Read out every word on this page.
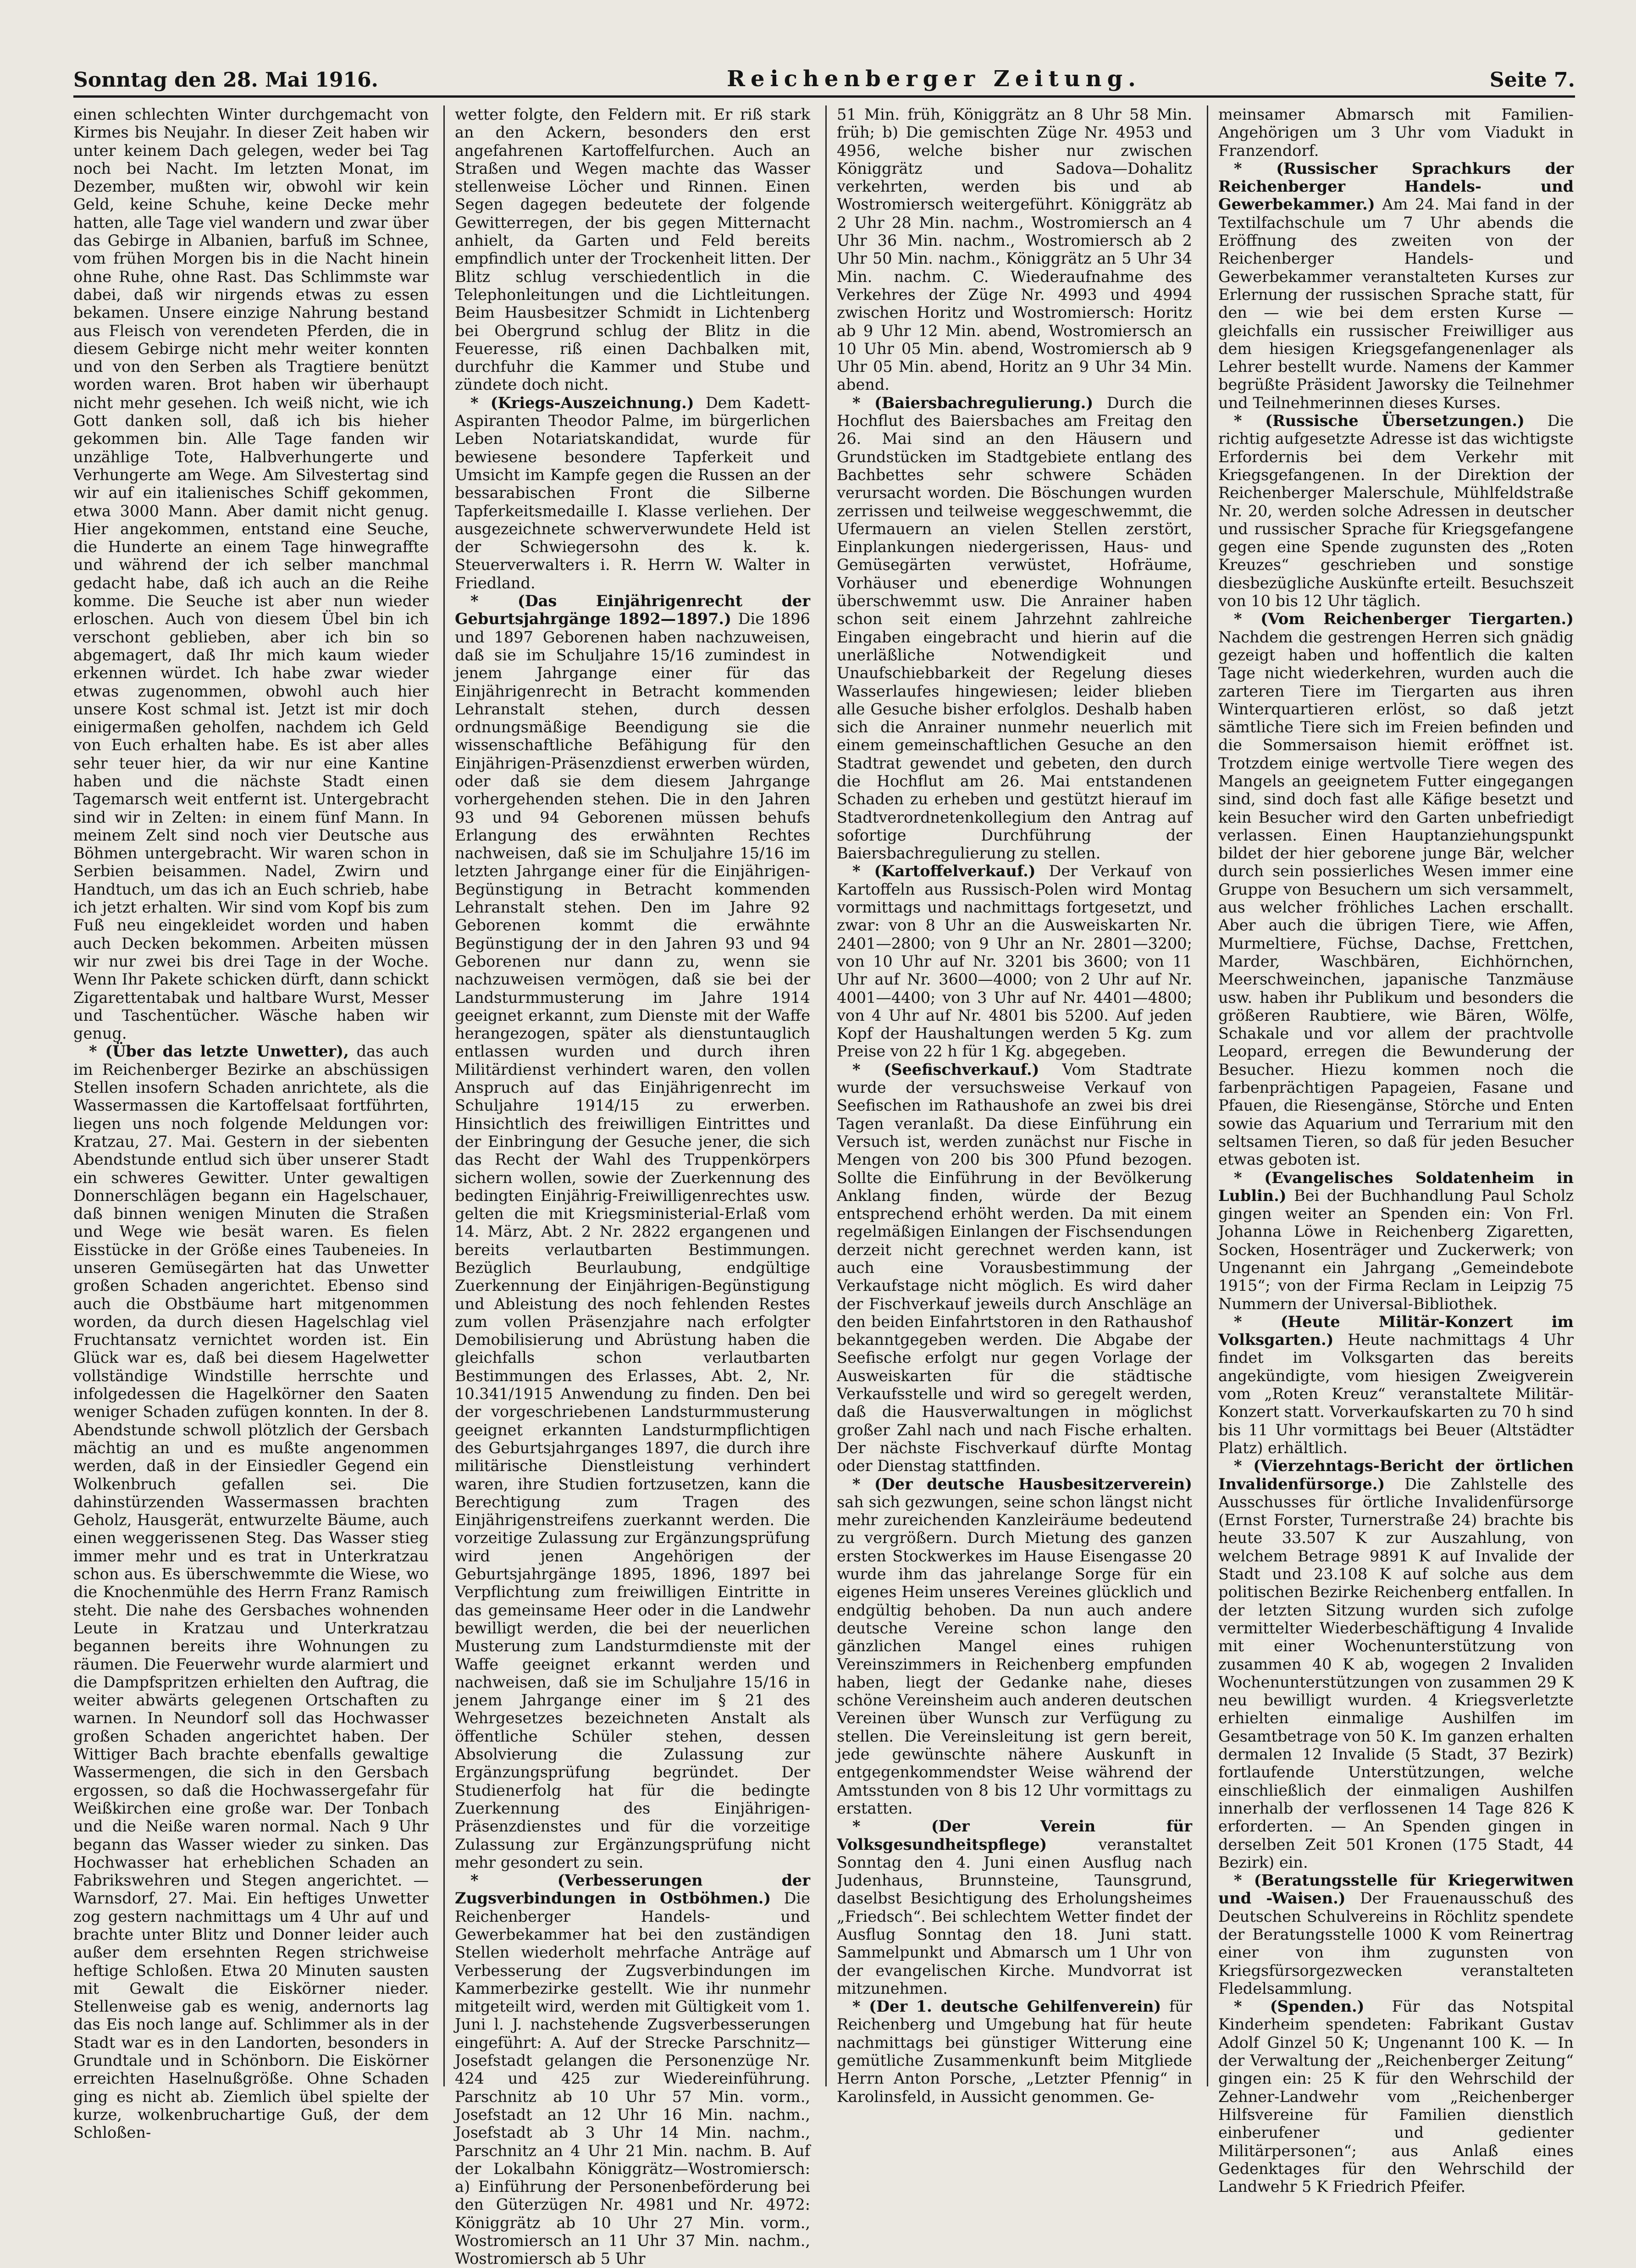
Sonntag den 28. Mai 1916.	Reichenberger Zeitung.	Seite 7.

einen schlechten Winter durchgemacht von Kirmes bis Neujahr. In dieser Zeit haben wir unter keinem Dach gelegen, weder bei Tag noch bei Nacht. Im letzten Monat, im Dezember, mußten wir, obwohl wir kein Geld, keine Schuhe, keine Decke mehr hatten, alle Tage viel wandern und zwar über das Gebirge in Albanien, barfuß im Schnee, vom frühen Morgen bis in die Nacht hinein ohne Ruhe, ohne Rast. Das Schlimmste war dabei, daß wir nirgends etwas zu essen bekamen. Unsere einzige Nahrung bestand aus Fleisch von verendeten Pferden, die in diesem Gebirge nicht mehr weiter konnten und von den Serben als Tragtiere benützt worden waren. Brot haben wir überhaupt nicht mehr gesehen. Ich weiß nicht, wie ich Gott danken soll, daß ich bis hieher gekommen bin. Alle Tage fanden wir unzählige Tote, Halbverhungerte und Verhungerte am Wege. Am Silvestertag sind wir auf ein italienisches Schiff gekommen, etwa 3000 Mann. Aber damit nicht genug. Hier angekommen, entstand eine Seuche, die Hunderte an einem Tage hinwegraffte und während der ich selber manchmal gedacht habe, daß ich auch an die Reihe komme. Die Seuche ist aber nun wieder erloschen. Auch von diesem Übel bin ich verschont geblieben, aber ich bin so abgemagert, daß Ihr mich kaum wieder erkennen würdet. Ich habe zwar wieder etwas zugenommen, obwohl auch hier unsere Kost schmal ist. Jetzt ist mir doch einigermaßen geholfen, nachdem ich Geld von Euch erhalten habe. Es ist aber alles sehr teuer hier, da wir nur eine Kantine haben und die nächste Stadt einen Tagemarsch weit entfernt ist. Untergebracht sind wir in Zelten: in einem fünf Mann. In meinem Zelt sind noch vier Deutsche aus Böhmen untergebracht. Wir waren schon in Serbien beisammen. Nadel, Zwirn und Handtuch, um das ich an Euch schrieb, habe ich jetzt erhalten. Wir sind vom Kopf bis zum Fuß neu eingekleidet worden und haben auch Decken bekommen. Arbeiten müssen wir nur zwei bis drei Tage in der Woche. Wenn Ihr Pakete schicken dürft, dann schickt Zigarettentabak und haltbare Wurst, Messer und Taschentücher. Wäsche haben wir genug.

* (Über das letzte Unwetter), das auch im Reichenberger Bezirke an abschüssigen Stellen insofern Schaden anrichtete, als die Wassermassen die Kartoffelsaat fortführten, liegen uns noch folgende Meldungen vor: Kratzau, 27. Mai. Gestern in der siebenten Abendstunde entlud sich über unserer Stadt ein schweres Gewitter. Unter gewaltigen Donnerschlägen begann ein Hagelschauer, daß binnen wenigen Minuten die Straßen und Wege wie besät waren. Es fielen Eisstücke in der Größe eines Taubeneies. In unseren Gemüsegärten hat das Unwetter großen Schaden angerichtet. Ebenso sind auch die Obstbäume hart mitgenommen worden, da durch diesen Hagelschlag viel Fruchtansatz vernichtet worden ist. Ein Glück war es, daß bei diesem Hagelwetter vollständige Windstille herrschte und infolgedessen die Hagelkörner den Saaten weniger Schaden zufügen konnten. In der 8. Abendstunde schwoll plötzlich der Gersbach mächtig an und es mußte angenommen werden, daß in der Einsiedler Gegend ein Wolkenbruch gefallen sei. Die dahinstürzenden Wassermassen brachten Geholz, Hausgerät, entwurzelte Bäume, auch einen weggerissenen Steg. Das Wasser stieg immer mehr und es trat in Unterkratzau schon aus. Es überschwemmte die Wiese, wo die Knochenmühle des Herrn Franz Ramisch steht. Die nahe des Gersbaches wohnenden Leute in Kratzau und Unterkratzau begannen bereits ihre Wohnungen zu räumen. Die Feuerwehr wurde alarmiert und die Dampfspritzen erhielten den Auftrag, die weiter abwärts gelegenen Ortschaften zu warnen. In Neundorf soll das Hochwasser großen Schaden angerichtet haben. Der Wittiger Bach brachte ebenfalls gewaltige Wassermengen, die sich in den Gersbach ergossen, so daß die Hochwassergefahr für Weißkirchen eine große war. Der Tonbach und die Neiße waren normal. Nach 9 Uhr begann das Wasser wieder zu sinken. Das Hochwasser hat erheblichen Schaden an Fabrikswehren und Stegen angerichtet. — Warnsdorf, 27. Mai. Ein heftiges Unwetter zog gestern nachmittags um 4 Uhr auf und brachte unter Blitz und Donner leider auch außer dem ersehnten Regen strichweise heftige Schloßen. Etwa 20 Minuten sausten mit Gewalt die Eiskörner nieder. Stellenweise gab es wenig, andernorts lag das Eis noch lange auf. Schlimmer als in der Stadt war es in den Landorten, besonders in Grundtale und in Schönborn. Die Eiskörner erreichten Haselnußgröße. Ohne Schaden ging es nicht ab. Ziemlich übel spielte der kurze, wolkenbruchartige Guß, der dem Schloßen-

wetter folgte, den Feldern mit. Er riß stark an den Ackern, besonders den erst angefahrenen Kartoffelfurchen. Auch an Straßen und Wegen machte das Wasser stellenweise Löcher und Rinnen. Einen Segen dagegen bedeutete der folgende Gewitterregen, der bis gegen Mitternacht anhielt, da Garten und Feld bereits empfindlich unter der Trockenheit litten. Der Blitz schlug verschiedentlich in die Telephonleitungen und die Lichtleitungen. Beim Hausbesitzer Schmidt in Lichtenberg bei Obergrund schlug der Blitz in die Feueresse, riß einen Dachbalken mit, durchfuhr die Kammer und Stube und zündete doch nicht.

* (Kriegs-Auszeichnung.) Dem Kadett-Aspiranten Theodor Palme, im bürgerlichen Leben Notariatskandidat, wurde für bewiesene besondere Tapferkeit und Umsicht im Kampfe gegen die Russen an der bessarabischen Front die Silberne Tapferkeitsmedaille I. Klasse verliehen. Der ausgezeichnete schwerverwundete Held ist der Schwiegersohn des k. k. Steuerverwalters i. R. Herrn W. Walter in Friedland.

* (Das Einjährigenrecht der Geburtsjahrgänge 1892—1897.) Die 1896 und 1897 Geborenen haben nachzuweisen, daß sie im Schuljahre 15/16 zumindest in jenem Jahrgange einer für das Einjährigenrecht in Betracht kommenden Lehranstalt stehen, durch dessen ordnungsmäßige Beendigung sie die wissenschaftliche Befähigung für den Einjährigen-Präsenzdienst erwerben würden, oder daß sie dem diesem Jahrgange vorhergehenden stehen. Die in den Jahren 93 und 94 Geborenen müssen behufs Erlangung des erwähnten Rechtes nachweisen, daß sie im Schuljahre 15/16 im letzten Jahrgange einer für die Einjährigen-Begünstigung in Betracht kommenden Lehranstalt stehen. Den im Jahre 92 Geborenen kommt die erwähnte Begünstigung der in den Jahren 93 und 94 Geborenen nur dann zu, wenn sie nachzuweisen vermögen, daß sie bei der Landsturmmusterung im Jahre 1914 geeignet erkannt, zum Dienste mit der Waffe herangezogen, später als dienstuntauglich entlassen wurden und durch ihren Militärdienst verhindert waren, den vollen Anspruch auf das Einjährigenrecht im Schuljahre 1914/15 zu erwerben. Hinsichtlich des freiwilligen Eintrittes und der Einbringung der Gesuche jener, die sich das Recht der Wahl des Truppenkörpers sichern wollen, sowie der Zuerkennung des bedingten Einjährig-Freiwilligenrechtes usw. gelten die mit Kriegsministerial-Erlaß vom 14. März, Abt. 2 Nr. 2822 ergangenen und bereits verlautbarten Bestimmungen. Bezüglich Beurlaubung, endgültige Zuerkennung der Einjährigen-Begünstigung und Ableistung des noch fehlenden Restes zum vollen Präsenzjahre nach erfolgter Demobilisierung und Abrüstung haben die gleichfalls schon verlautbarten Bestimmungen des Erlasses, Abt. 2, Nr. 10.341/1915 Anwendung zu finden. Den bei der vorgeschriebenen Landsturmmusterung geeignet erkannten Landsturmpflichtigen des Geburtsjahrganges 1897, die durch ihre militärische Dienstleistung verhindert waren, ihre Studien fortzusetzen, kann die Berechtigung zum Tragen des Einjährigenstreifens zuerkannt werden. Die vorzeitige Zulassung zur Ergänzungsprüfung wird jenen Angehörigen der Geburtsjahrgänge 1895, 1896, 1897 bei Verpflichtung zum freiwilligen Eintritte in das gemeinsame Heer oder in die Landwehr bewilligt werden, die bei der neuerlichen Musterung zum Landsturmdienste mit der Waffe geeignet erkannt werden und nachweisen, daß sie im Schuljahre 15/16 in jenem Jahrgange einer im § 21 des Wehrgesetzes bezeichneten Anstalt als öffentliche Schüler stehen, dessen Absolvierung die Zulassung zur Ergänzungsprüfung begründet. Der Studienerfolg hat für die bedingte Zuerkennung des Einjährigen-Präsenzdienstes und für die vorzeitige Zulassung zur Ergänzungsprüfung nicht mehr gesondert zu sein.

* (Verbesserungen der Zugsverbindungen in Ostböhmen.) Die Reichenberger Handels- und Gewerbekammer hat bei den zuständigen Stellen wiederholt mehrfache Anträge auf Verbesserung der Zugsverbindungen im Kammerbezirke gestellt. Wie ihr nunmehr mitgeteilt wird, werden mit Gültigkeit vom 1. Juni l. J. nachstehende Zugsverbesserungen eingeführt: A. Auf der Strecke Parschnitz—Josefstadt gelangen die Personenzüge Nr. 424 und 425 zur Wiedereinführung. Parschnitz ab 10 Uhr 57 Min. vorm., Josefstadt an 12 Uhr 16 Min. nachm., Josefstadt ab 3 Uhr 14 Min. nachm., Parschnitz an 4 Uhr 21 Min. nachm. B. Auf der Lokalbahn Königgrätz—Wostromiersch: a) Einführung der Personenbeförderung bei den Güterzügen Nr. 4981 und Nr. 4972: Königgrätz ab 10 Uhr 27 Min. vorm., Wostromiersch an 11 Uhr 37 Min. nachm., Wostromiersch ab 5 Uhr

51 Min. früh, Königgrätz an 8 Uhr 58 Min. früh; b) Die gemischten Züge Nr. 4953 und 4956, welche bisher nur zwischen Königgrätz und Sadova—Dohalitz verkehrten, werden bis und ab Wostromiersch weitergeführt. Königgrätz ab 2 Uhr 28 Min. nachm., Wostromiersch an 4 Uhr 36 Min. nachm., Wostromiersch ab 2 Uhr 50 Min. nachm., Königgrätz an 5 Uhr 34 Min. nachm. C. Wiederaufnahme des Verkehres der Züge Nr. 4993 und 4994 zwischen Horitz und Wostromiersch: Horitz ab 9 Uhr 12 Min. abend, Wostromiersch an 10 Uhr 05 Min. abend, Wostromiersch ab 9 Uhr 05 Min. abend, Horitz an 9 Uhr 34 Min. abend.

* (Baiersbachregulierung.) Durch die Hochflut des Baiersbaches am Freitag den 26. Mai sind an den Häusern und Grundstücken im Stadtgebiete entlang des Bachbettes sehr schwere Schäden verursacht worden. Die Böschungen wurden zerrissen und teilweise weggeschwemmt, die Ufermauern an vielen Stellen zerstört, Einplankungen niedergerissen, Haus- und Gemüsegärten verwüstet, Hofräume, Vorhäuser und ebenerdige Wohnungen überschwemmt usw. Die Anrainer haben schon seit einem Jahrzehnt zahlreiche Eingaben eingebracht und hierin auf die unerläßliche Notwendigkeit und Unaufschiebbarkeit der Regelung dieses Wasserlaufes hingewiesen; leider blieben alle Gesuche bisher erfolglos. Deshalb haben sich die Anrainer nunmehr neuerlich mit einem gemeinschaftlichen Gesuche an den Stadtrat gewendet und gebeten, den durch die Hochflut am 26. Mai entstandenen Schaden zu erheben und gestützt hierauf im Stadtverordnetenkollegium den Antrag auf sofortige Durchführung der Baiersbachregulierung zu stellen.

* (Kartoffelverkauf.) Der Verkauf von Kartoffeln aus Russisch-Polen wird Montag vormittags und nachmittags fortgesetzt, und zwar: von 8 Uhr an die Ausweiskarten Nr. 2401—2800; von 9 Uhr an Nr. 2801—3200; von 10 Uhr auf Nr. 3201 bis 3600; von 11 Uhr auf Nr. 3600—4000; von 2 Uhr auf Nr. 4001—4400; von 3 Uhr auf Nr. 4401—4800; von 4 Uhr auf Nr. 4801 bis 5200. Auf jeden Kopf der Haushaltungen werden 5 Kg. zum Preise von 22 h für 1 Kg. abgegeben.

* (Seefischverkauf.) Vom Stadtrate wurde der versuchsweise Verkauf von Seefischen im Rathaushofe an zwei bis drei Tagen veranlaßt. Da diese Einführung ein Versuch ist, werden zunächst nur Fische in Mengen von 200 bis 300 Pfund bezogen. Sollte die Einführung in der Bevölkerung Anklang finden, würde der Bezug entsprechend erhöht werden. Da mit einem regelmäßigen Einlangen der Fischsendungen derzeit nicht gerechnet werden kann, ist auch eine Vorausbestimmung der Verkaufstage nicht möglich. Es wird daher der Fischverkauf jeweils durch Anschläge an den beiden Einfahrtstoren in den Rathaushof bekanntgegeben werden. Die Abgabe der Seefische erfolgt nur gegen Vorlage der Ausweiskarten für die städtische Verkaufsstelle und wird so geregelt werden, daß die Hausverwaltungen in möglichst großer Zahl nach und nach Fische erhalten. Der nächste Fischverkauf dürfte Montag oder Dienstag stattfinden.

* (Der deutsche Hausbesitzerverein) sah sich gezwungen, seine schon längst nicht mehr zureichenden Kanzleiräume bedeutend zu vergrößern. Durch Mietung des ganzen ersten Stockwerkes im Hause Eisengasse 20 wurde ihm das jahrelange Sorge für ein eigenes Heim unseres Vereines glücklich und endgültig behoben. Da nun auch andere deutsche Vereine schon lange den gänzlichen Mangel eines ruhigen Vereinszimmers in Reichenberg empfunden haben, liegt der Gedanke nahe, dieses schöne Vereinsheim auch anderen deutschen Vereinen über Wunsch zur Verfügung zu stellen. Die Vereinsleitung ist gern bereit, jede gewünschte nähere Auskunft in entgegenkommendster Weise während der Amtsstunden von 8 bis 12 Uhr vormittags zu erstatten.

* (Der Verein für Volksgesundheitspflege)	veranstaltet Sonntag den 4. Juni einen Ausflug nach Judenhaus, Brunnsteine, Taunsgrund, daselbst Besichtigung des Erholungsheimes „Friedsch“. Bei schlechtem Wetter findet der Ausflug Sonntag den 18. Juni statt. Sammelpunkt und Abmarsch um 1 Uhr von der evangelischen Kirche. Mundvorrat ist mitzunehmen.

* (Der 1. deutsche Gehilfenverein) für Reichenberg und Umgebung hat für heute nachmittags bei günstiger Witterung eine gemütliche Zusammenkunft beim Mitgliede Herrn Anton Porsche, „Letzter Pfennig“ in Karolinsfeld, in Aussicht genommen. Ge-

meinsamer Abmarsch mit Familien-Angehörigen um 3 Uhr vom Viadukt in Franzendorf.

* (Russischer Sprachkurs der Reichenberger Handels- und Gewerbekammer.) Am 24. Mai fand in der Textilfachschule um 7 Uhr abends die Eröffnung des zweiten von der Reichenberger Handels- und Gewerbekammer veranstalteten Kurses zur Erlernung der russischen Sprache statt, für den — wie bei dem ersten Kurse — gleichfalls ein russischer Freiwilliger aus dem hiesigen Kriegsgefangenenlager als Lehrer bestellt wurde. Namens der Kammer begrüßte Präsident Jaworsky die Teilnehmer und Teilnehmerinnen dieses Kurses.

* (Russische Übersetzungen.) Die richtig aufgesetzte Adresse ist das wichtigste Erfordernis bei dem Verkehr mit Kriegsgefangenen. In der Direktion der Reichenberger Malerschule, Mühlfeldstraße Nr. 20, werden solche Adressen in deutscher und russischer Sprache für Kriegsgefangene gegen eine Spende zugunsten des „Roten Kreuzes“ geschrieben und sonstige diesbezügliche Auskünfte erteilt. Besuchszeit von 10 bis 12 Uhr täglich.

* (Vom Reichenberger Tiergarten.) Nachdem die gestrengen Herren sich gnädig gezeigt haben und hoffentlich die kalten Tage nicht wiederkehren, wurden auch die zarteren Tiere im Tiergarten aus ihren Winterquartieren erlöst, so daß jetzt sämtliche Tiere sich im Freien befinden und die Sommersaison hiemit eröffnet ist. Trotzdem einige wertvolle Tiere wegen des Mangels an geeignetem Futter eingegangen sind, sind doch fast alle Käfige besetzt und kein Besucher wird den Garten unbefriedigt verlassen. Einen Hauptanziehungspunkt bildet der hier geborene junge Bär, welcher durch sein possierliches Wesen immer eine Gruppe von Besuchern um sich versammelt, aus welcher fröhliches Lachen erschallt. Aber auch die übrigen Tiere, wie Affen, Murmeltiere, Füchse, Dachse, Frettchen, Marder, Waschbären, Eichhörnchen, Meerschweinchen, japanische Tanzmäuse usw. haben ihr Publikum und besonders die größeren Raubtiere, wie Bären, Wölfe, Schakale und vor allem der prachtvolle Leopard, erregen die Bewunderung der Besucher. Hiezu kommen noch die farbenprächtigen Papageien, Fasane und Pfauen, die Riesengänse, Störche und Enten sowie das Aquarium und Terrarium mit den seltsamen Tieren, so daß für jeden Besucher etwas geboten ist.

* (Evangelisches Soldatenheim in Lublin.) Bei der Buchhandlung Paul Scholz gingen weiter an Spenden ein: Von Frl. Johanna Löwe in Reichenberg Zigaretten, Socken, Hosenträger und Zuckerwerk; von Ungenannt ein Jahrgang „Gemeindebote 1915“; von der Firma Reclam in Leipzig 75 Nummern der Universal-Bibliothek.

* (Heute Militär-Konzert im Volksgarten.) Heute nachmittags 4 Uhr findet im Volksgarten das bereits angekündigte, vom hiesigen Zweigverein vom „Roten Kreuz“ veranstaltete Militär-Konzert statt. Vorverkaufskarten zu 70 h sind bis 11 Uhr vormittags bei Beuer (Altstädter Platz) erhältlich.

* (Vierzehntags-Bericht der örtlichen Invalidenfürsorge.) Die Zahlstelle des Ausschusses für örtliche Invalidenfürsorge (Ernst Forster, Turnerstraße 24) brachte bis heute 33.507 K zur Auszahlung, von welchem Betrage 9891 K auf Invalide der Stadt und 23.108 K auf solche aus dem politischen Bezirke Reichenberg entfallen. In der letzten Sitzung wurden sich zufolge vermittelter Wiederbeschäftigung 4 Invalide mit einer Wochenunterstützung von zusammen 40 K ab, wogegen 2 Invaliden Wochenunterstützungen von zusammen 29 K neu bewilligt wurden. 4 Kriegsverletzte erhielten einmalige Aushilfen im Gesamtbetrage von 50 K. Im ganzen erhalten dermalen 12 Invalide (5 Stadt, 37 Bezirk) fortlaufende Unterstützungen, welche einschließlich der einmaligen Aushilfen innerhalb der verflossenen 14 Tage 826 K erforderten. — An Spenden gingen in derselben Zeit 501 Kronen (175 Stadt, 44 Bezirk) ein.

* (Beratungsstelle für Kriegerwitwen und -Waisen.) Der Frauenausschuß des Deutschen Schulvereins in Röchlitz spendete der Beratungsstelle 1000 K vom Reinertrag einer von ihm zugunsten von Kriegsfürsorgezwecken veranstalteten Fledelsammlung.

* (Spenden.) Für das Notspital Kinderheim spendeten: Fabrikant Gustav Adolf Ginzel 50 K; Ungenannt 100 K. — In der Verwaltung der „Reichenberger Zeitung“ gingen ein: 25 K für den Wehrschild der Zehner-Landwehr vom „Reichenberger Hilfsvereine für Familien dienstlich einberufener und gedienter Militärpersonen“; aus Anlaß eines Gedenktages für den Wehrschild der Landwehr 5 K Friedrich Pfeifer.
